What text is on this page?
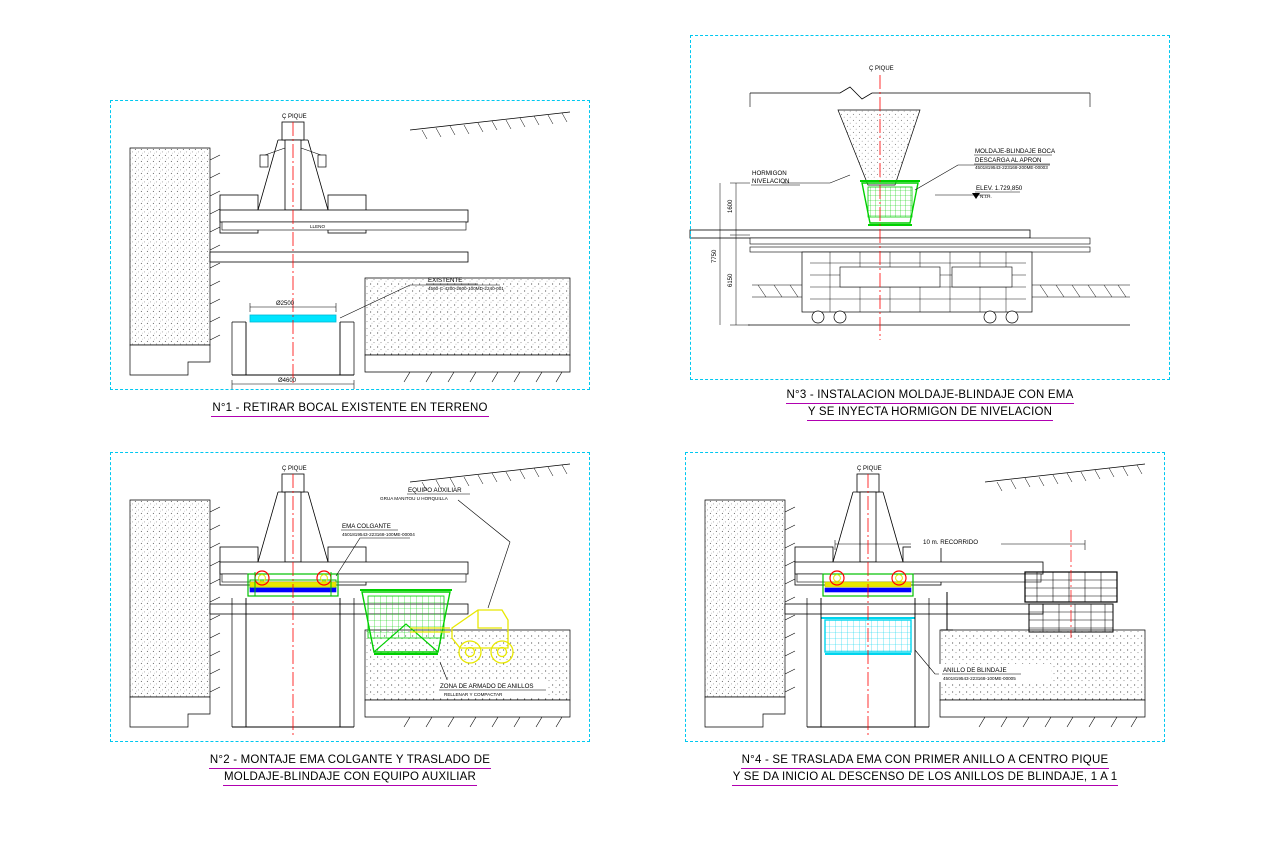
LLENO
Ç PIQUE
EXISTENTE
4560-C-4200-2600-100MD-2240-001
Ø2500
Ø4600
N°1 - RETIRAR BOCAL EXISTENTE EN TERRENO
Ç PIQUE
MOLDAJE-BLINDAJE BOCA
DESCARGA AL APRON
4501819543-223168-200ME-00003
HORMIGON
NIVELACION
ELEV. 1.729,850
N.I.H.
1600
6150
7750
N°3 - INSTALACION MOLDAJE-BLINDAJE CON EMA
Y SE INYECTA HORMIGON DE NIVELACION
Ç PIQUE
EQUIPO AUXILIAR
GRUA MANITOU U HORQUILLA
EMA COLGANTE
4501819543-223168-100ME-00004
ZONA DE ARMADO DE ANILLOS
RELLENAR Y COMPACTAR
N°2 - MONTAJE EMA COLGANTE Y TRASLADO DE
MOLDAJE-BLINDAJE CON EQUIPO AUXILIAR
10 m. RECORRIDO
Ç PIQUE
ANILLO DE BLINDAJE
4501819543-223168-100ME-00005
N°4 - SE TRASLADA EMA CON PRIMER ANILLO A CENTRO PIQUE
Y SE DA INICIO AL DESCENSO DE LOS ANILLOS DE BLINDAJE, 1 A 1
